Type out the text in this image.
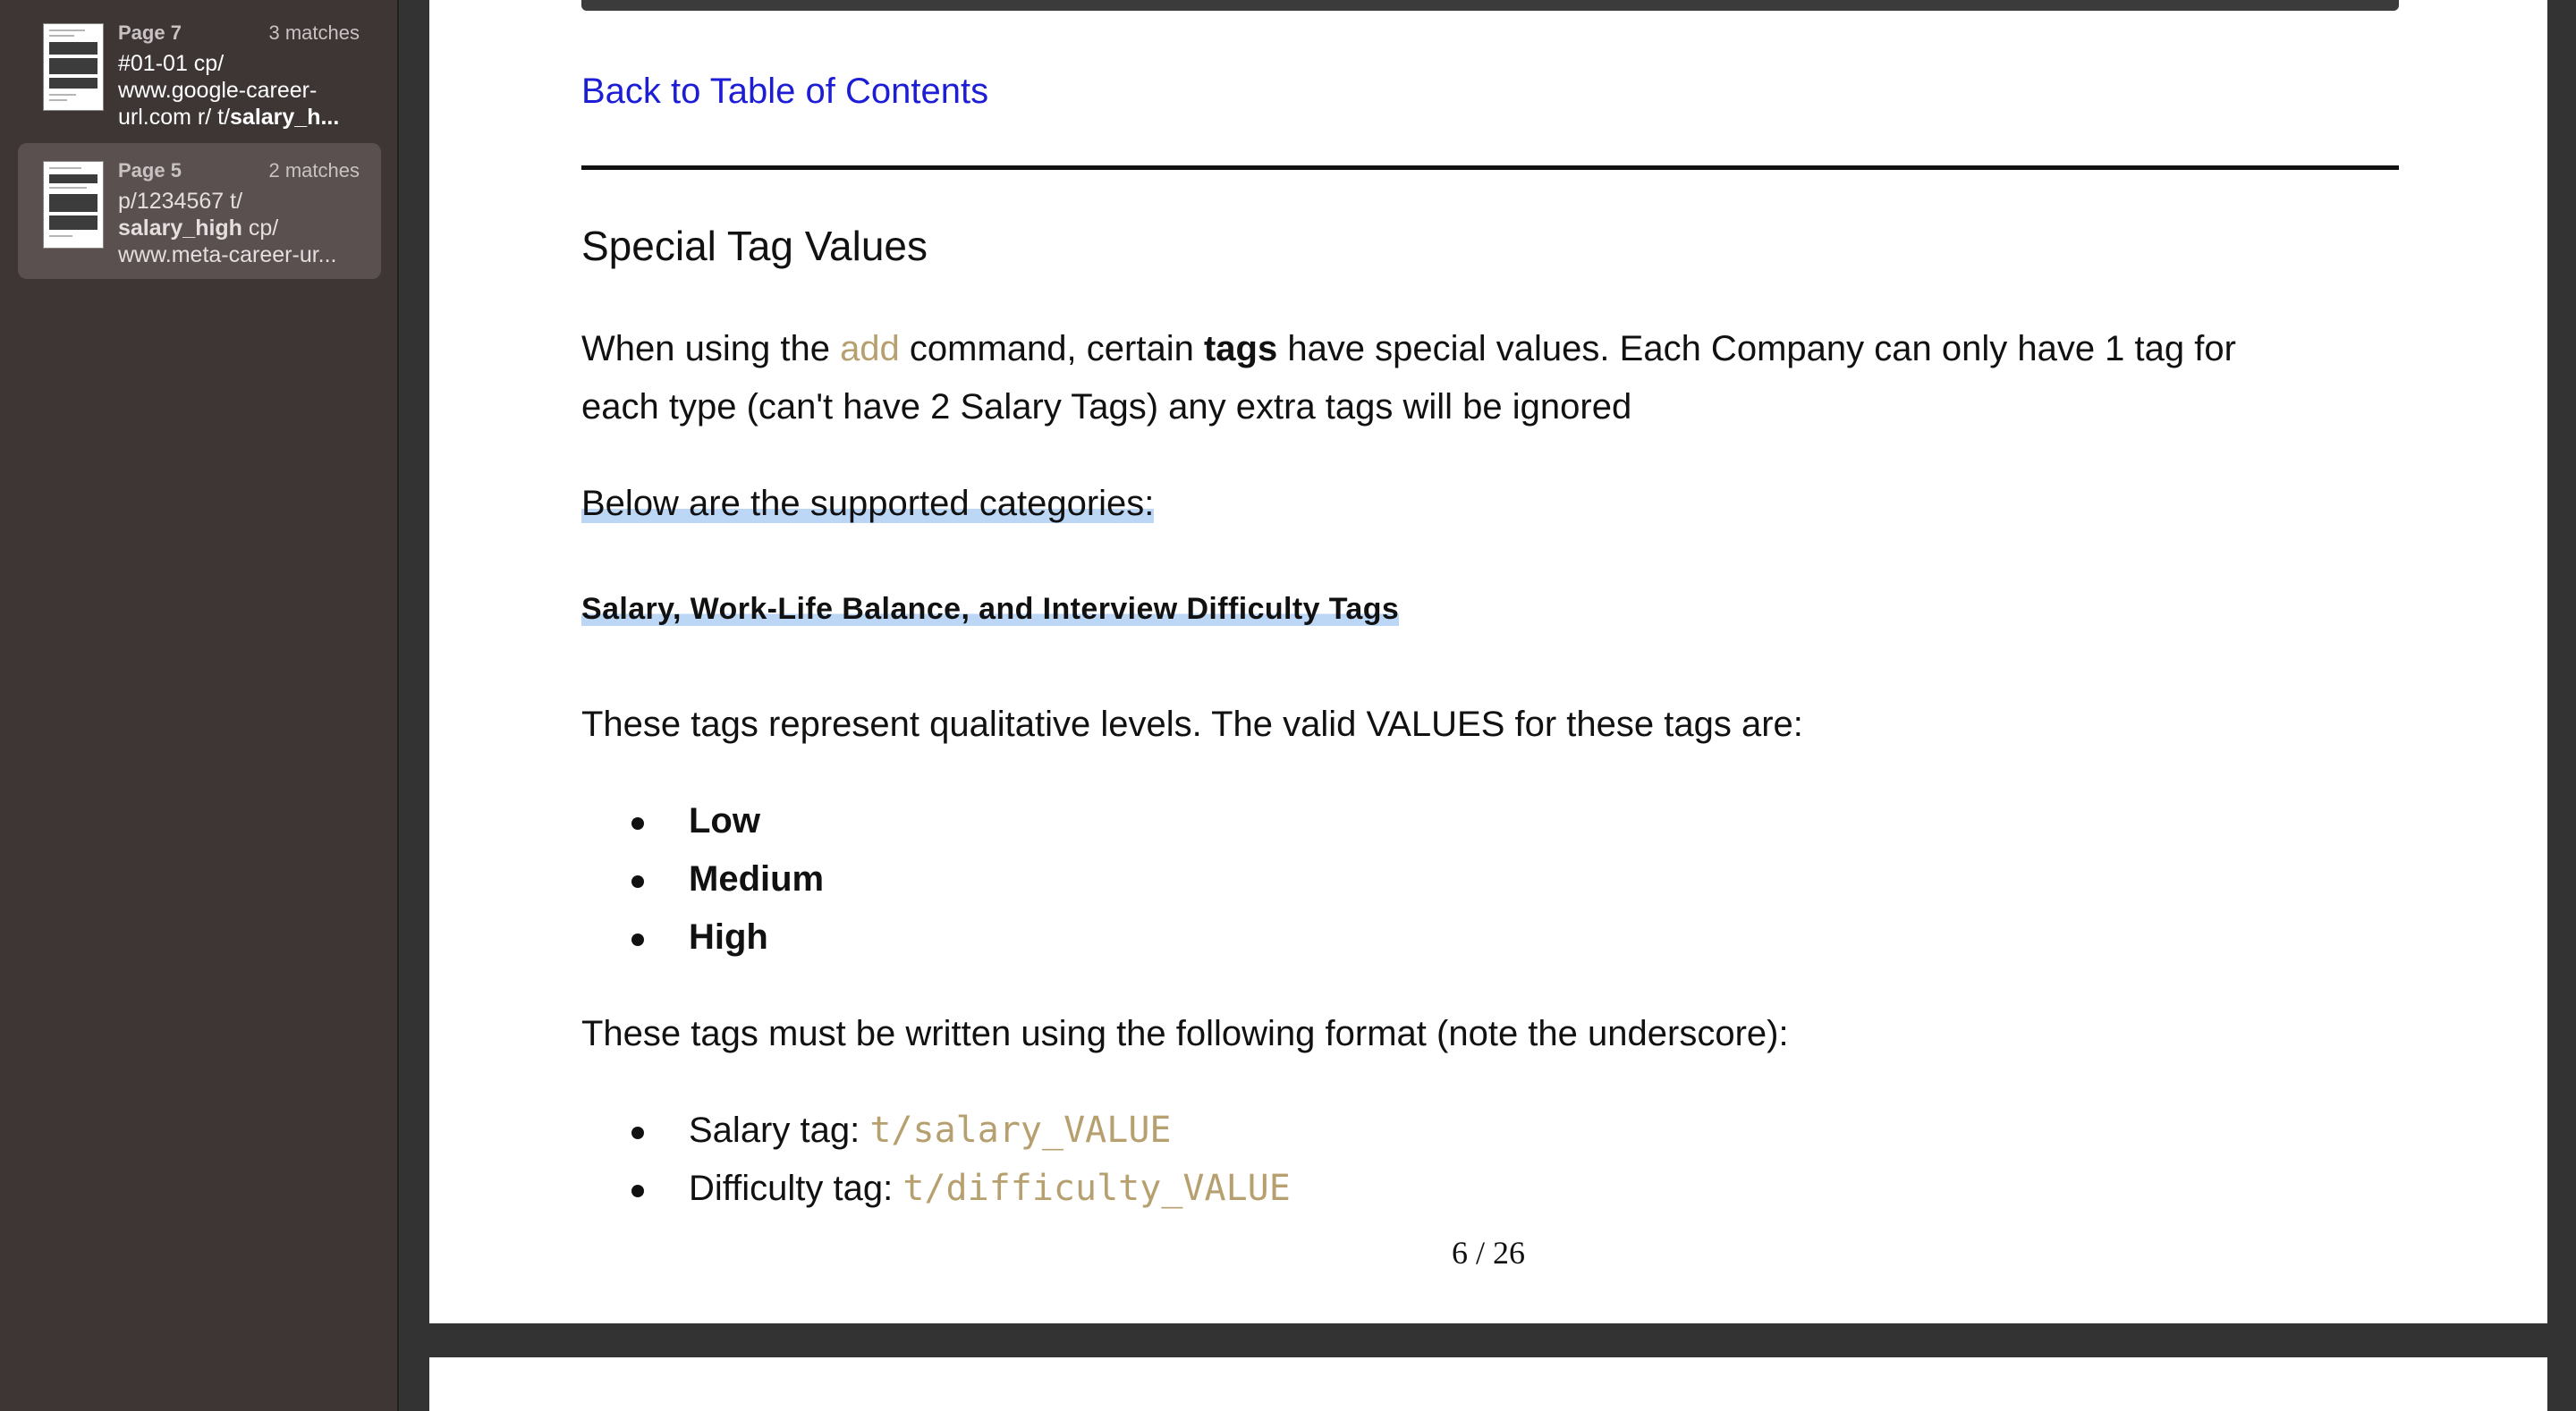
Page 7	3 matches
#01-01 cp/
www.google-career-
url.com r/ t/salary_h...
Page 5	2 matches
p/1234567 t/
salary_high cp/
www.meta-career-ur...
Back to Table of Contents
Special Tag Values
When using the add command, certain tags have special values. Each Company can only have 1 tag for
each type (can't have 2 Salary Tags) any extra tags will be ignored
Below are the supported categories:
Salary, Work-Life Balance, and Interview Difficulty Tags
These tags represent qualitative levels. The valid VALUES for these tags are:
Low
Medium
High
These tags must be written using the following format (note the underscore):
Salary tag: t/salary_VALUE
Difficulty tag: t/difficulty_VALUE
6 / 26
